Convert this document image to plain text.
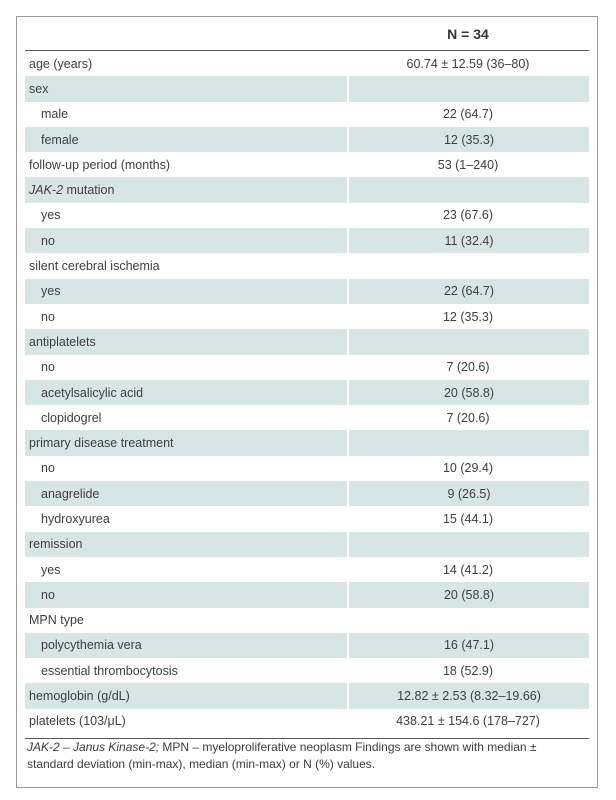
N = 34
age (years)	60.74 ± 12.59 (36–80)
sex
male	22 (64.7)
female	12 (35.3)
follow-up period (months)	53 (1–240)
JAK-2 mutation
yes	23 (67.6)
no	11 (32.4)
silent cerebral ischemia
yes	22 (64.7)
no	12 (35.3)
antiplatelets
no	7 (20.6)
acetylsalicylic acid	20 (58.8)
clopidogrel	7 (20.6)
primary disease treatment
no	10 (29.4)
anagrelide	9 (26.5)
hydroxyurea	15 (44.1)
remission
yes	14 (41.2)
no	20 (58.8)
MPN type
polycythemia vera	16 (47.1)
essential thrombocytosis	18 (52.9)
hemoglobin (g/dL)	12.82 ± 2.53 (8.32–19.66)
platelets (103/μL)	438.21 ± 154.6 (178–727)
JAK-2 – Janus Kinase-2; MPN – myeloproliferative neoplasm Findings are shown with median ± standard deviation (min-max), median (min-max) or N (%) values.
